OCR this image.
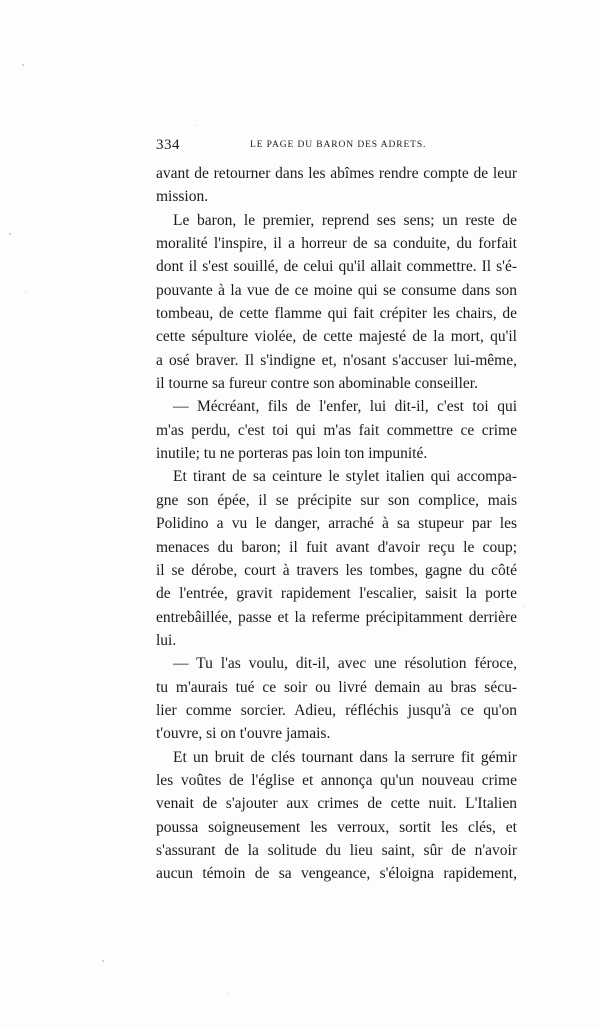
334	LE PAGE DU BARON DES ADRETS.
avant de retourner dans les abîmes rendre compte de leur
mission.
Le baron, le premier, reprend ses sens; un reste de
moralité l'inspire, il a horreur de sa conduite, du forfait
dont il s'est souillé, de celui qu'il allait commettre. Il s'é-
pouvante à la vue de ce moine qui se consume dans son
tombeau, de cette flamme qui fait crépiter les chairs, de
cette sépulture violée, de cette majesté de la mort, qu'il
a osé braver. Il s'indigne et, n'osant s'accuser lui-même,
il tourne sa fureur contre son abominable conseiller.
— Mécréant, fils de l'enfer, lui dit-il, c'est toi qui
m'as perdu, c'est toi qui m'as fait commettre ce crime
inutile; tu ne porteras pas loin ton impunité.
Et tirant de sa ceinture le stylet italien qui accompa-
gne son épée, il se précipite sur son complice, mais
Polidino a vu le danger, arraché à sa stupeur par les
menaces du baron; il fuit avant d'avoir reçu le coup;
il se dérobe, court à travers les tombes, gagne du côté
de l'entrée, gravit rapidement l'escalier, saisit la porte
entrebâillée, passe et la referme précipitamment derrière
lui.
— Tu l'as voulu, dit-il, avec une résolution féroce,
tu m'aurais tué ce soir ou livré demain au bras sécu-
lier comme sorcier. Adieu, réfléchis jusqu'à ce qu'on
t'ouvre, si on t'ouvre jamais.
Et un bruit de clés tournant dans la serrure fit gémir
les voûtes de l'église et annonça qu'un nouveau crime
venait de s'ajouter aux crimes de cette nuit. L'Italien
poussa soigneusement les verroux, sortit les clés, et
s'assurant de la solitude du lieu saint, sûr de n'avoir
aucun témoin de sa vengeance, s'éloigna rapidement,
